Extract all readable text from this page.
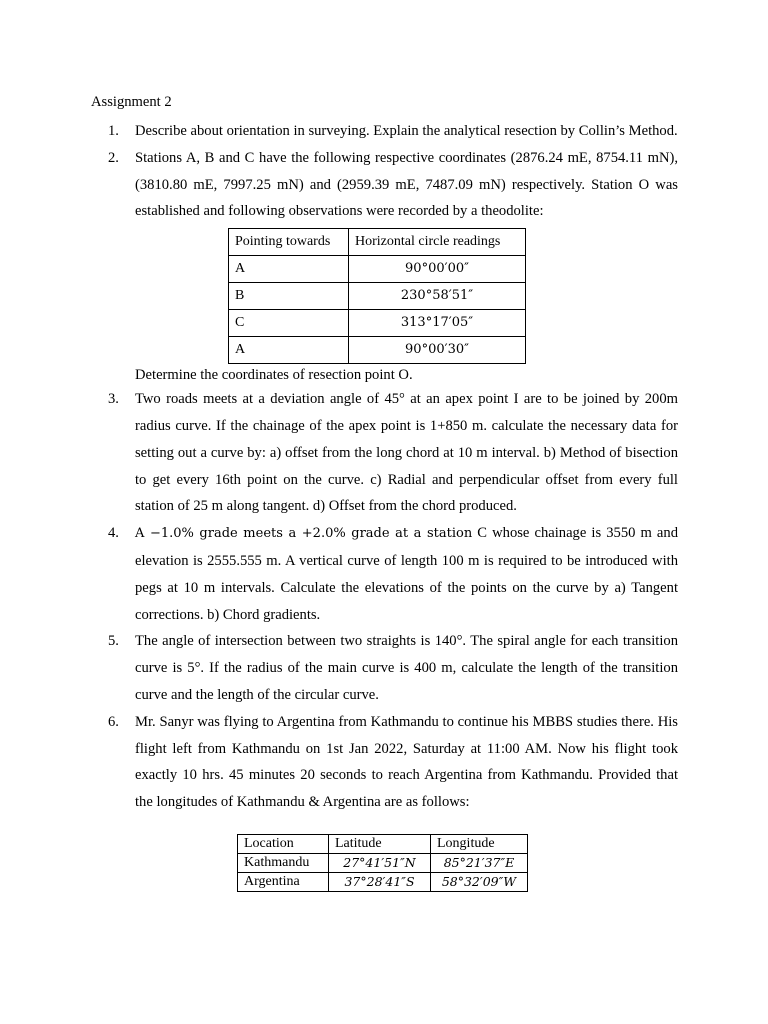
Assignment 2
1. Describe about orientation in surveying. Explain the analytical resection by Collin’s Method.
2. Stations A, B and C have the following respective coordinates (2876.24 mE, 8754.11 mN), (3810.80 mE, 7997.25 mN) and (2959.39 mE, 7487.09 mN) respectively. Station O was established and following observations were recorded by a theodolite:
Pointing towards	Horizontal circle readings
A	90°00′00″
B	230°58′51″
C	313°17′05″
A	90°00′30″
Determine the coordinates of resection point O.
3. Two roads meets at a deviation angle of 45° at an apex point I are to be joined by 200m radius curve. If the chainage of the apex point is 1+850 m. calculate the necessary data for setting out a curve by: a) offset from the long chord at 10 m interval. b) Method of bisection to get every 16th point on the curve. c) Radial and perpendicular offset from every full station of 25 m along tangent. d) Offset from the chord produced.
4. A −1.0% grade meets a +2.0% grade at a station C whose chainage is 3550 m and elevation is 2555.555 m. A vertical curve of length 100 m is required to be introduced with pegs at 10 m intervals. Calculate the elevations of the points on the curve by a) Tangent corrections. b) Chord gradients.
5. The angle of intersection between two straights is 140°. The spiral angle for each transition curve is 5°. If the radius of the main curve is 400 m, calculate the length of the transition curve and the length of the circular curve.
6. Mr. Sanyr was flying to Argentina from Kathmandu to continue his MBBS studies there. His flight left from Kathmandu on 1st Jan 2022, Saturday at 11:00 AM. Now his flight took exactly 10 hrs. 45 minutes 20 seconds to reach Argentina from Kathmandu. Provided that the longitudes of Kathmandu & Argentina are as follows:
Location	Latitude	Longitude
Kathmandu	27°41′51″N	85°21′37″E
Argentina	37°28′41″S	58°32′09″W
